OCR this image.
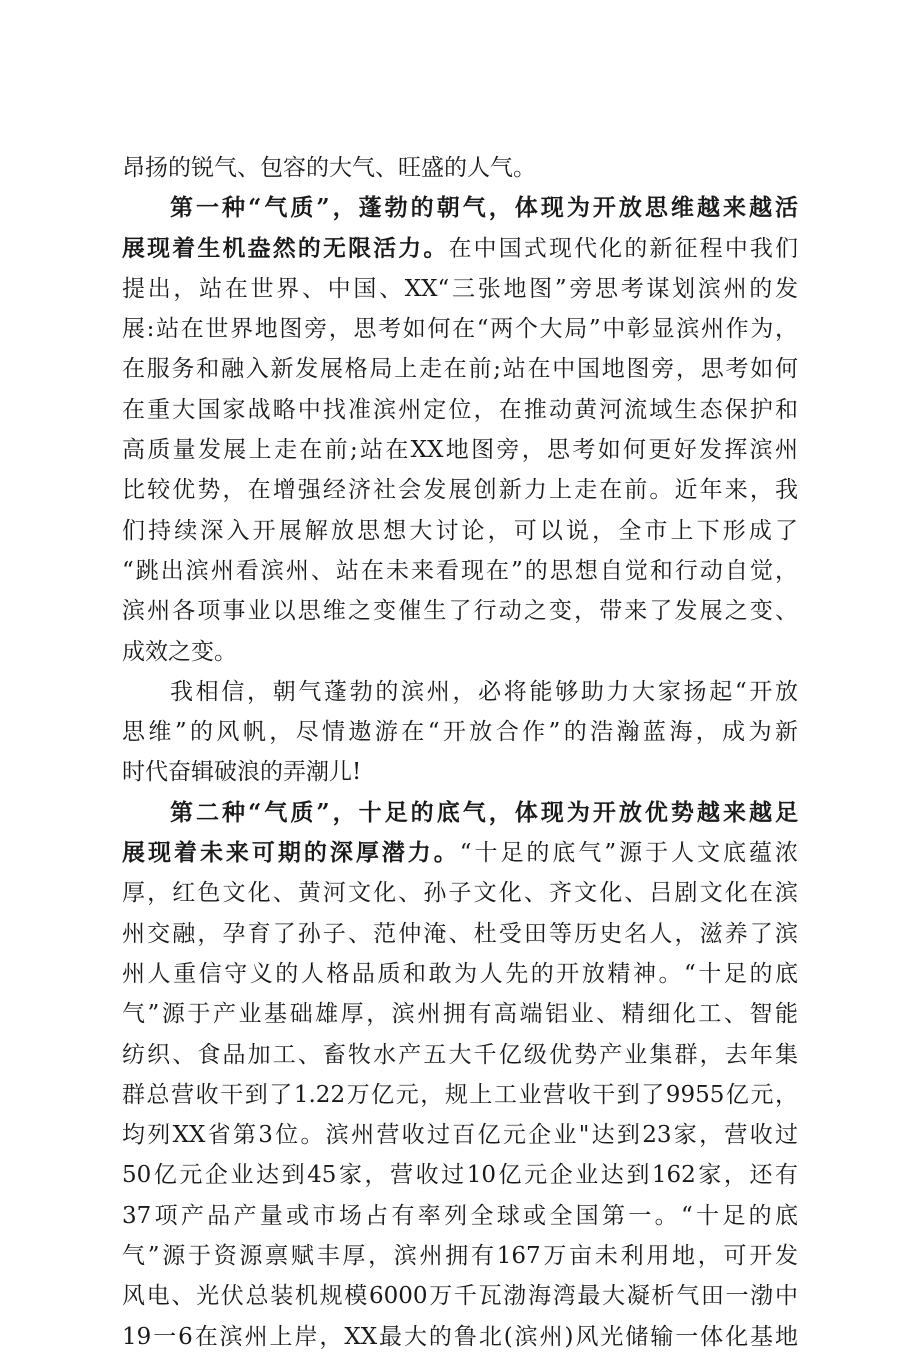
昂扬的锐气、包容的大气、旺盛的人气。
第一种“气质”，蓬勃的朝气，体现为开放思维越来越活
展现着生机盎然的无限活力。在中国式现代化的新征程中我们
提出，站在世界、中国、XX“三张地图”旁思考谋划滨州的发
展:站在世界地图旁，思考如何在“两个大局”中彰显滨州作为，
在服务和融入新发展格局上走在前;站在中国地图旁，思考如何
在重大国家战略中找准滨州定位，在推动黄河流域生态保护和
高质量发展上走在前;站在XX地图旁，思考如何更好发挥滨州
比较优势，在增强经济社会发展创新力上走在前。近年来，我
们持续深入开展解放思想大讨论，可以说，全市上下形成了
“跳出滨州看滨州、站在未来看现在”的思想自觉和行动自觉，
滨州各项事业以思维之变催生了行动之变，带来了发展之变、
成效之变。
我相信，朝气蓬勃的滨州，必将能够助力大家扬起“开放
思维”的风帆，尽情遨游在“开放合作”的浩瀚蓝海，成为新
时代奋辑破浪的弄潮儿!
第二种“气质”，十足的底气，体现为开放优势越来越足
展现着未来可期的深厚潜力。“十足的底气”源于人文底蕴浓
厚，红色文化、黄河文化、孙子文化、齐文化、吕剧文化在滨
州交融，孕育了孙子、范仲淹、杜受田等历史名人，滋养了滨
州人重信守义的人格品质和敢为人先的开放精神。“十足的底
气”源于产业基础雄厚，滨州拥有高端铝业、精细化工、智能
纺织、食品加工、畜牧水产五大千亿级优势产业集群，去年集
群总营收干到了1.22万亿元，规上工业营收干到了9955亿元，
均列XX省第3位。滨州营收过百亿元企业"达到23家，营收过
50亿元企业达到45家，营收过10亿元企业达到162家，还有
37项产品产量或市场占有率列全球或全国第一。“十足的底
气”源于资源禀赋丰厚，滨州拥有167万亩未利用地，可开发
风电、光伏总装机规模6000万千瓦渤海湾最大凝析气田一渤中
19一6在滨州上岸，XX最大的鲁北(滨州)风光储输一体化基地
